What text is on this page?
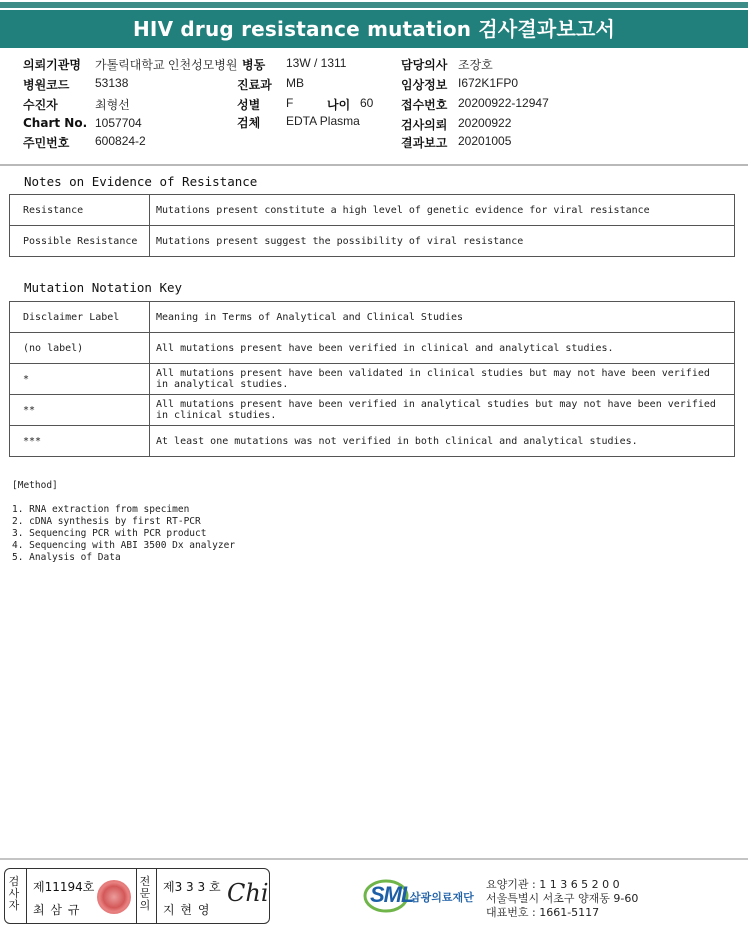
HIV drug resistance mutation 검사결과보고서
의뢰기관명 가톨릭대학교 인천성모병원 병동 13W / 1311	담당의사 조장호
병원코드 53138	진료과 MB	임상정보 I672K1FP0
수진자	최형선	성별 F	나이 60 접수번호 20200922-12947
Chart No. 1057704	검체 EDTA Plasma	검사의뢰 20200922
주민번호 600824-2	결과보고 20201005
Notes on Evidence of Resistance
Resistance	Mutations present constitute a high level of genetic evidence for viral resistance
Possible Resistance	Mutations present suggest the possibility of viral resistance
Mutation Notation Key
Disclaimer Label	Meaning in Terms of Analytical and Clinical Studies
(no label)	All mutations present have been verified in clinical and analytical studies.
*	All mutations present have been validated in clinical studies but may not have been verified in analytical studies.
**	All mutations present have been verified in analytical studies but may not have been verified in clinical studies.
***	At least one mutations was not verified in both clinical and analytical studies.
[Method]
1. RNA extraction from specimen
2. cDNA synthesis by first RT-PCR
3. Sequencing PCR with PCR product
4. Sequencing with ABI 3500 Dx analyzer
5. Analysis of Data
검사자
제11194호
최 삼 규
전문의
제3 3 3 호
지 현 영
Chi	SML
삼광의료재단
요양기관 : 1 1 3 6 5 2 0 0
서울특별시 서초구 양재동 9-60
대표번호 : 1661-5117
